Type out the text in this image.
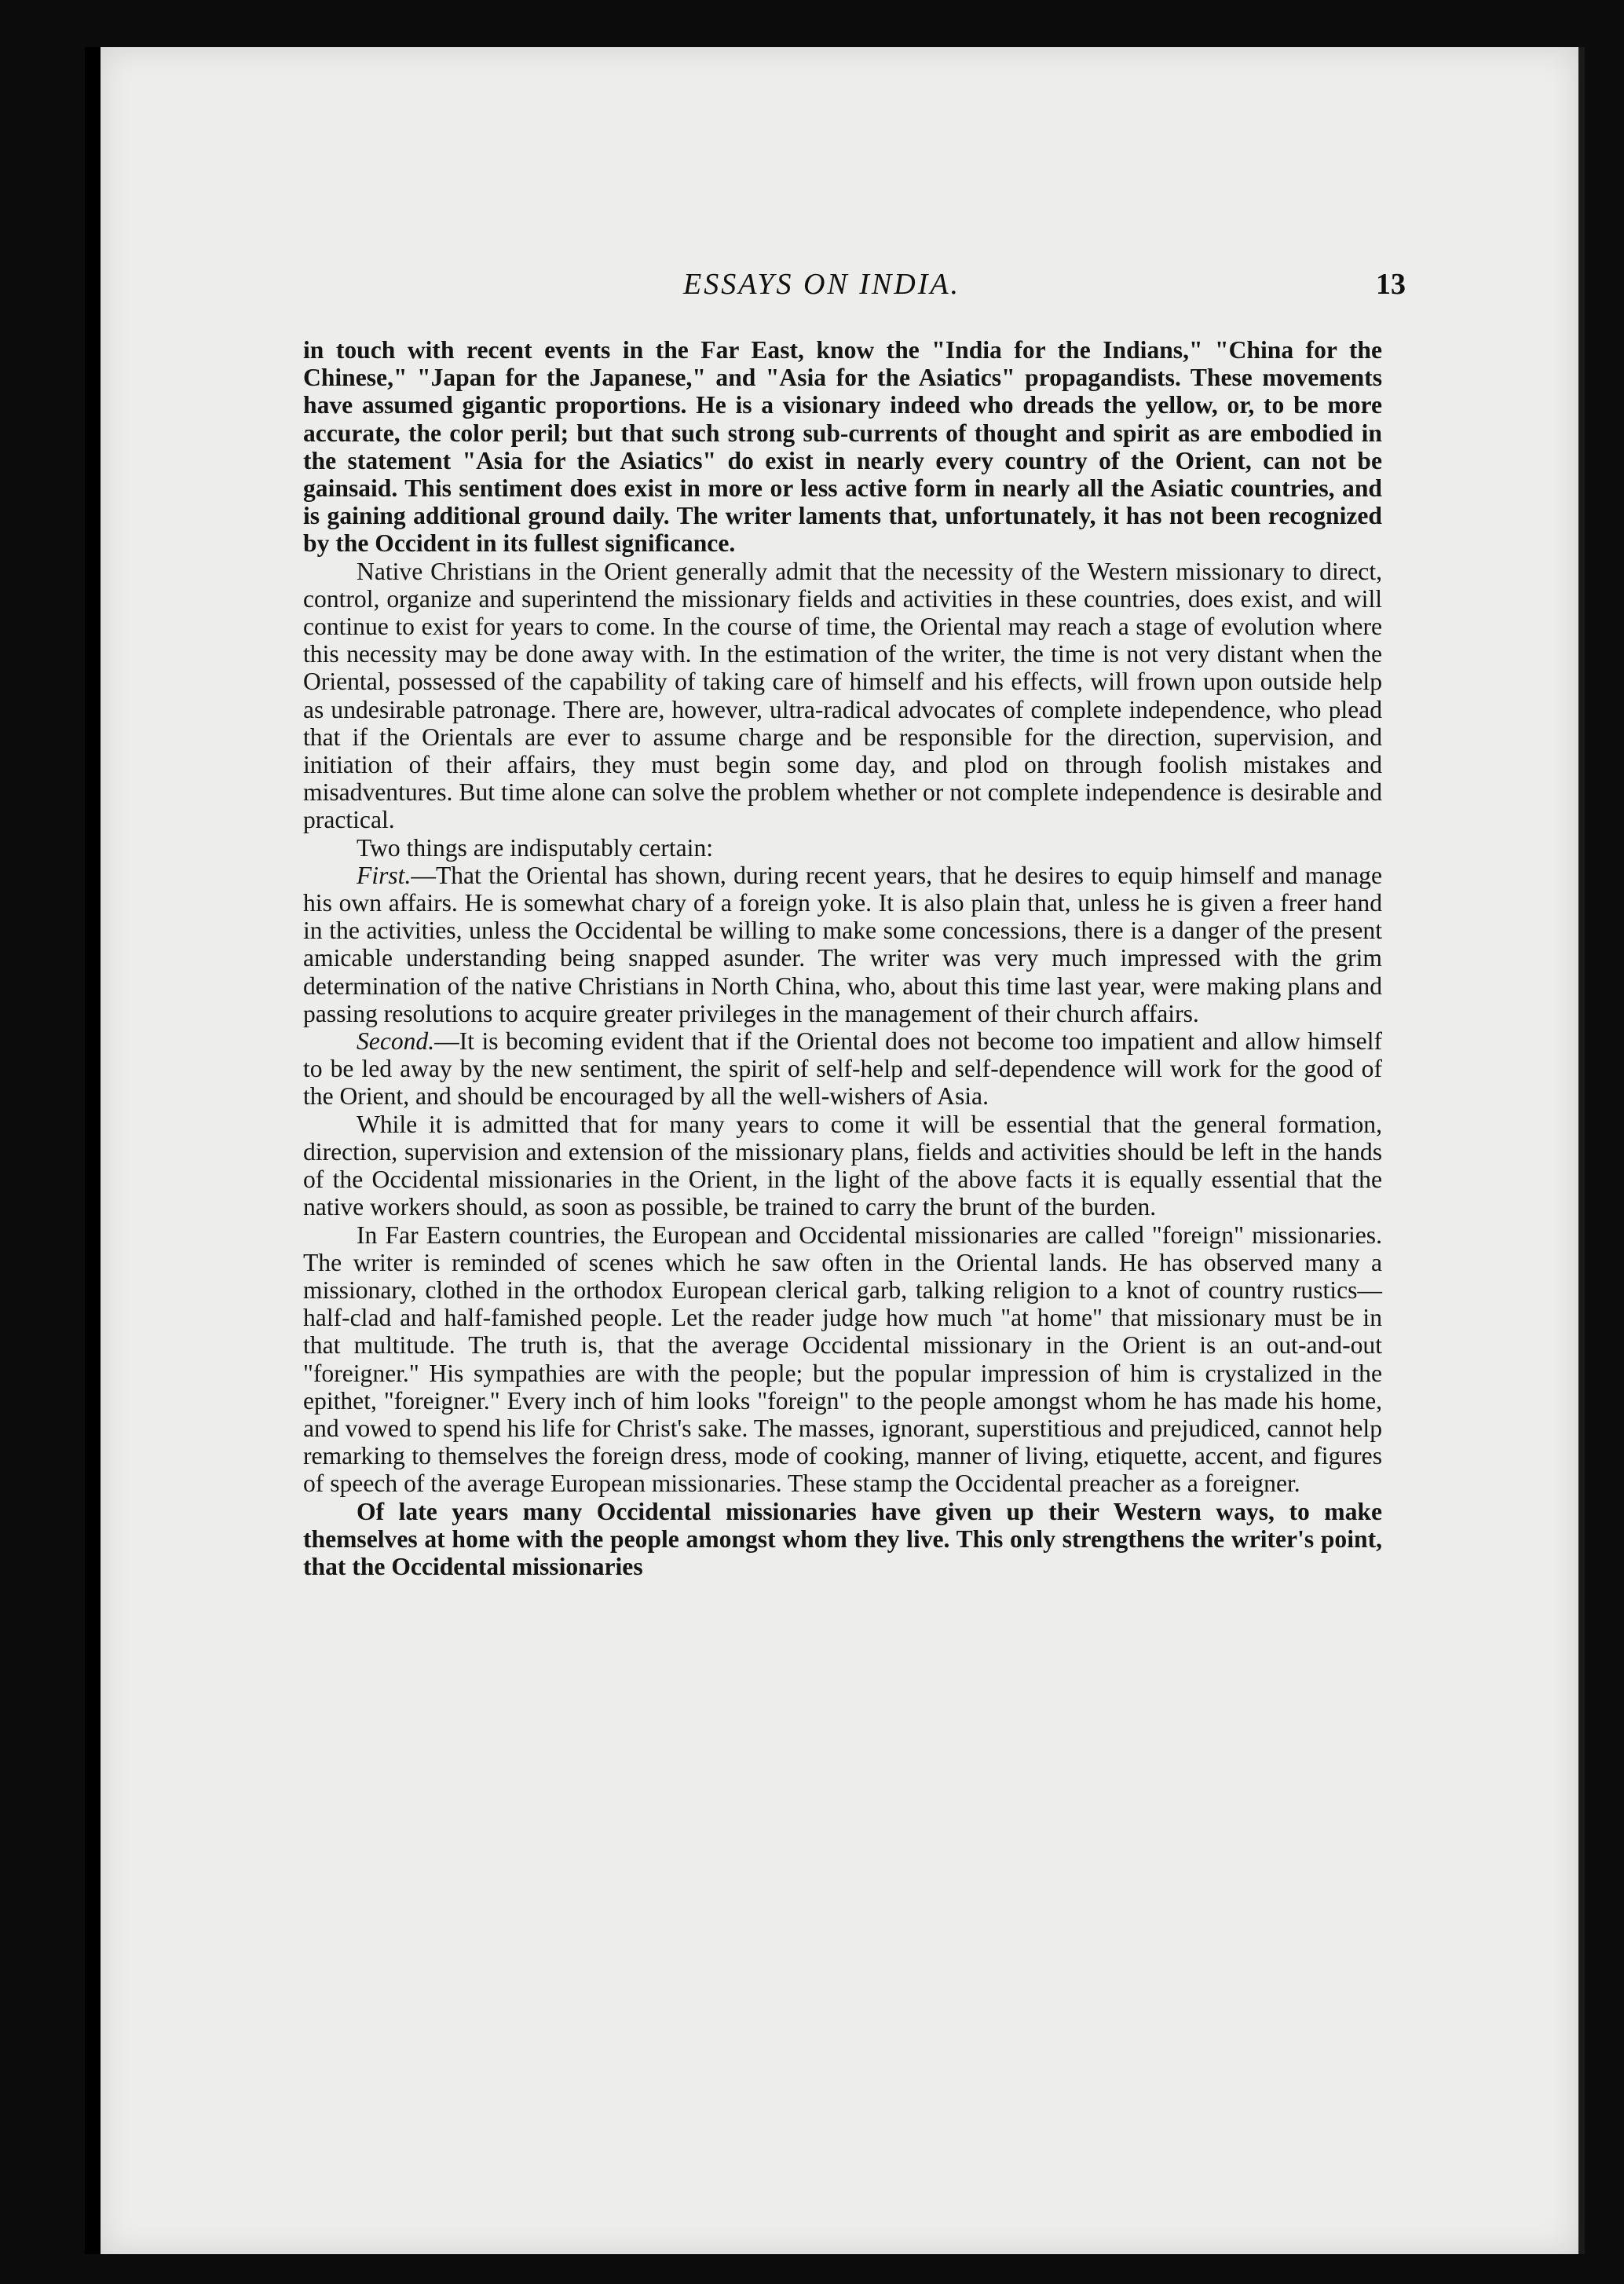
ESSAYS ON INDIA.	13

in touch with recent events in the Far East, know the "India for the Indians," "China for the Chinese," "Japan for the Japanese," and "Asia for the Asiatics" propagandists. These movements have assumed gigantic proportions. He is a visionary indeed who dreads the yellow, or, to be more accurate, the color peril; but that such strong sub-currents of thought and spirit as are embodied in the statement "Asia for the Asiatics" do exist in nearly every country of the Orient, can not be gainsaid. This sentiment does exist in more or less active form in nearly all the Asiatic countries, and is gaining additional ground daily. The writer laments that, unfortunately, it has not been recognized by the Occident in its fullest significance.

Native Christians in the Orient generally admit that the necessity of the Western missionary to direct, control, organize and superintend the missionary fields and activities in these countries, does exist, and will continue to exist for years to come. In the course of time, the Oriental may reach a stage of evolution where this necessity may be done away with. In the estimation of the writer, the time is not very distant when the Oriental, possessed of the capability of taking care of himself and his effects, will frown upon outside help as undesirable patronage. There are, however, ultra-radical advocates of complete independence, who plead that if the Orientals are ever to assume charge and be responsible for the direction, supervision, and initiation of their affairs, they must begin some day, and plod on through foolish mistakes and misadventures. But time alone can solve the problem whether or not complete independence is desirable and practical.

Two things are indisputably certain:

First.—That the Oriental has shown, during recent years, that he desires to equip himself and manage his own affairs. He is somewhat chary of a foreign yoke. It is also plain that, unless he is given a freer hand in the activities, unless the Occidental be willing to make some concessions, there is a danger of the present amicable understanding being snapped asunder. The writer was very much impressed with the grim determination of the native Christians in North China, who, about this time last year, were making plans and passing resolutions to acquire greater privileges in the management of their church affairs.

Second.—It is becoming evident that if the Oriental does not become too impatient and allow himself to be led away by the new sentiment, the spirit of self-help and self-dependence will work for the good of the Orient, and should be encouraged by all the well-wishers of Asia.

While it is admitted that for many years to come it will be essential that the general formation, direction, supervision and extension of the missionary plans, fields and activities should be left in the hands of the Occidental missionaries in the Orient, in the light of the above facts it is equally essential that the native workers should, as soon as possible, be trained to carry the brunt of the burden.

In Far Eastern countries, the European and Occidental missionaries are called "foreign" missionaries. The writer is reminded of scenes which he saw often in the Oriental lands. He has observed many a missionary, clothed in the orthodox European clerical garb, talking religion to a knot of country rustics—half-clad and half-famished people. Let the reader judge how much "at home" that missionary must be in that multitude. The truth is, that the average Occidental missionary in the Orient is an out-and-out "foreigner." His sympathies are with the people; but the popular impression of him is crystalized in the epithet, "foreigner." Every inch of him looks "foreign" to the people amongst whom he has made his home, and vowed to spend his life for Christ's sake. The masses, ignorant, superstitious and prejudiced, cannot help remarking to themselves the foreign dress, mode of cooking, manner of living, etiquette, accent, and figures of speech of the average European missionaries. These stamp the Occidental preacher as a foreigner.

Of late years many Occidental missionaries have given up their Western ways, to make themselves at home with the people amongst whom they live. This only strengthens the writer's point, that the Occidental missionaries
